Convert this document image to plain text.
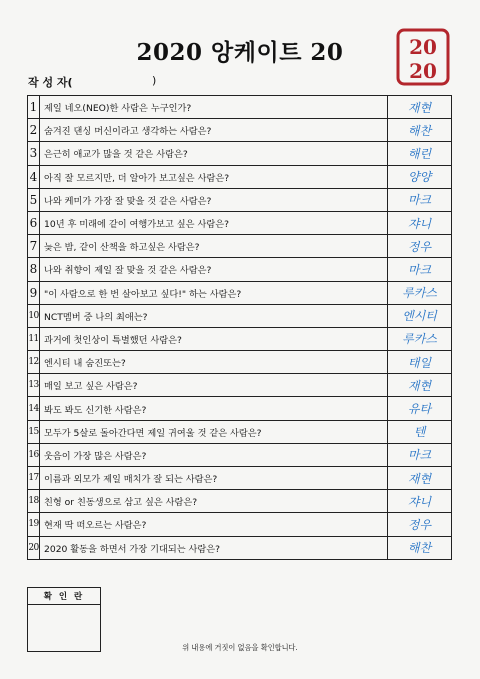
2020 앙케이트 20	20
20
작 성 자(	)
1 제일 네오(NEO)한 사람은 누구인가?	재현
2 숨겨진 댄싱 머신이라고 생각하는 사람은?	해찬
3 은근히 애교가 많을 것 같은 사람은?	해린
4 아직 잘 모르지만, 더 알아가 보고싶은 사람은?	양양
5 나와 케미가 가장 잘 맞을 것 같은 사람은?	마크
6 10년 후 미래에 같이 여행가보고 싶은 사람은?	쟈니
7 늦은 밤, 같이 산책을 하고싶은 사람은?	정우
8 나와 취향이 제일 잘 맞을 것 같은 사람은?	마크
9 "이 사람으로 한 번 살아보고 싶다!" 하는 사람은?	루카스
10 NCT멤버 중 나의 최애는?	엔시티
11 과거에 첫인상이 특별했던 사람은?	루카스
12 엔시티 내 숨진또는?	태일
13 매일 보고 싶은 사람은?	재현
14 봐도 봐도 신기한 사람은?	유타
15 모두가 5살로 돌아간다면 제일 귀여울 것 같은 사람은?	텐
16 웃음이 가장 많은 사람은?	마크
17 이름과 외모가 제일 매치가 잘 되는 사람은?	재현
18 친형 or 친동생으로 삼고 싶은 사람은?	쟈니
19 현재 딱 떠오르는 사람은?	정우
20 2020 활동을 하면서 가장 기대되는 사람은?	해찬
확 인 란
위 내용에 거짓이 없음을 확인합니다.
